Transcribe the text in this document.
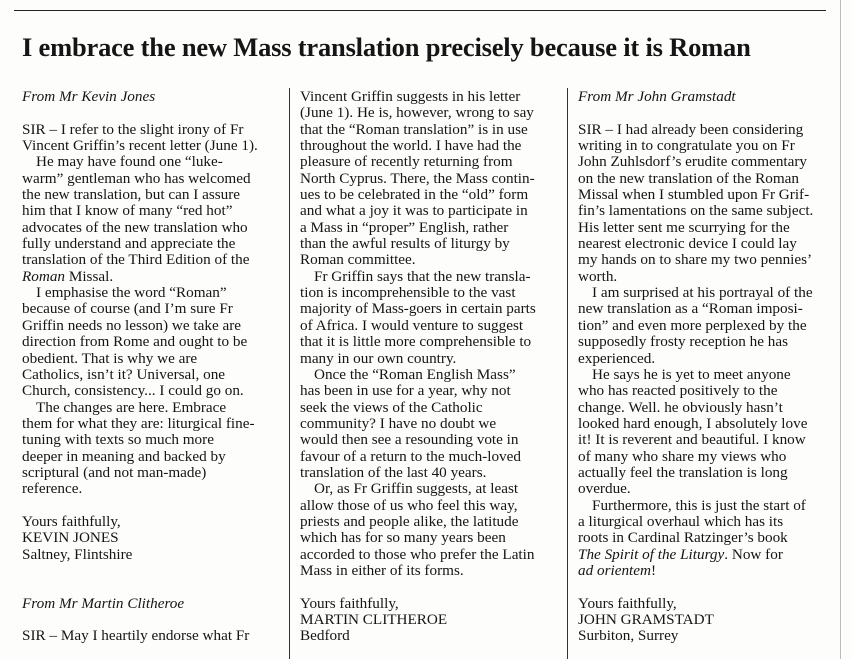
I embrace the new Mass translation precisely because it is Roman
From Mr Kevin Jones
SIR – I refer to the slight irony of Fr
Vincent Griffin’s recent letter (June 1).
He may have found one “luke-
warm” gentleman who has welcomed
the new translation, but can I assure
him that I know of many “red hot”
advocates of the new translation who
fully understand and appreciate the
translation of the Third Edition of the
Roman Missal.
I emphasise the word “Roman”
because of course (and I’m sure Fr
Griffin needs no lesson) we take are
direction from Rome and ought to be
obedient. That is why we are
Catholics, isn’t it? Universal, one
Church, consistency... I could go on.
The changes are here. Embrace
them for what they are: liturgical fine-
tuning with texts so much more
deeper in meaning and backed by
scriptural (and not man-made)
reference.
Yours faithfully,
KEVIN JONES
Saltney, Flintshire
From Mr Martin Clitheroe
SIR – May I heartily endorse what Fr
Vincent Griffin suggests in his letter
(June 1). He is, however, wrong to say
that the “Roman translation” is in use
throughout the world. I have had the
pleasure of recently returning from
North Cyprus. There, the Mass contin-
ues to be celebrated in the “old” form
and what a joy it was to participate in
a Mass in “proper” English, rather
than the awful results of liturgy by
Roman committee.
Fr Griffin says that the new transla-
tion is incomprehensible to the vast
majority of Mass-goers in certain parts
of Africa. I would venture to suggest
that it is little more comprehensible to
many in our own country.
Once the “Roman English Mass”
has been in use for a year, why not
seek the views of the Catholic
community? I have no doubt we
would then see a resounding vote in
favour of a return to the much-loved
translation of the last 40 years.
Or, as Fr Griffin suggests, at least
allow those of us who feel this way,
priests and people alike, the latitude
which has for so many years been
accorded to those who prefer the Latin
Mass in either of its forms.
Yours faithfully,
MARTIN CLITHEROE
Bedford
From Mr John Gramstadt
SIR – I had already been considering
writing in to congratulate you on Fr
John Zuhlsdorf’s erudite commentary
on the new translation of the Roman
Missal when I stumbled upon Fr Grif-
fin’s lamentations on the same subject.
His letter sent me scurrying for the
nearest electronic device I could lay
my hands on to share my two pennies’
worth.
I am surprised at his portrayal of the
new translation as a “Roman imposi-
tion” and even more perplexed by the
supposedly frosty reception he has
experienced.
He says he is yet to meet anyone
who has reacted positively to the
change. Well. he obviously hasn’t
looked hard enough, I absolutely love
it! It is reverent and beautiful. I know
of many who share my views who
actually feel the translation is long
overdue.
Furthermore, this is just the start of
a liturgical overhaul which has its
roots in Cardinal Ratzinger’s book
The Spirit of the Liturgy. Now for
ad orientem!
Yours faithfully,
JOHN GRAMSTADT
Surbiton, Surrey
